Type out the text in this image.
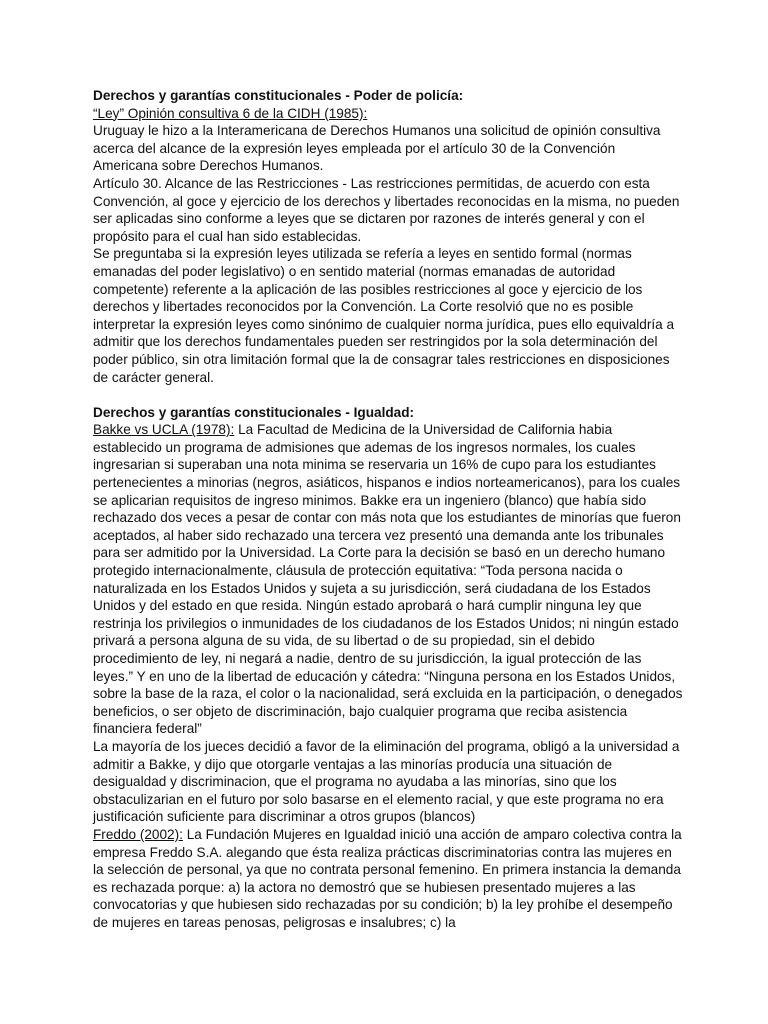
Derechos y garantías constitucionales - Poder de policía:

“Ley” Opinión consultiva 6 de la CIDH (1985):

Uruguay le hizo a la Interamericana de Derechos Humanos una solicitud de opinión consultiva acerca del alcance de la expresión leyes empleada por el artículo 30 de la Convención Americana sobre Derechos Humanos.

Artículo 30. Alcance de las Restricciones - Las restricciones permitidas, de acuerdo con esta Convención, al goce y ejercicio de los derechos y libertades reconocidas en la misma, no pueden ser aplicadas sino conforme a leyes que se dictaren por razones de interés general y con el propósito para el cual han sido establecidas.

Se preguntaba si la expresión leyes utilizada se refería a leyes en sentido formal (normas emanadas del poder legislativo) o en sentido material (normas emanadas de autoridad competente) referente a la aplicación de las posibles restricciones al goce y ejercicio de los derechos y libertades reconocidos por la Convención. La Corte resolvió que no es posible interpretar la expresión leyes como sinónimo de cualquier norma jurídica, pues ello equivaldría a admitir que los derechos fundamentales pueden ser restringidos por la sola determinación del poder público, sin otra limitación formal que la de consagrar tales restricciones en disposiciones de carácter general.

Derechos y garantías constitucionales - Igualdad:

Bakke vs UCLA (1978): La Facultad de Medicina de la Universidad de California habia establecido un programa de admisiones que ademas de los ingresos normales, los cuales ingresarian si superaban una nota minima se reservaria un 16% de cupo para los estudiantes pertenecientes a minorias (negros, asiáticos, hispanos e indios norteamericanos), para los cuales se aplicarian requisitos de ingreso minimos. Bakke era un ingeniero (blanco) que había sido rechazado dos veces a pesar de contar con más nota que los estudiantes de minorías que fueron aceptados, al haber sido rechazado una tercera vez presentó una demanda ante los tribunales para ser admitido por la Universidad. La Corte para la decisión se basó en un derecho humano protegido internacionalmente, cláusula de protección equitativa: “Toda persona nacida o naturalizada en los Estados Unidos y sujeta a su jurisdicción, será ciudadana de los Estados Unidos y del estado en que resida. Ningún estado aprobará o hará cumplir ninguna ley que restrinja los privilegios o inmunidades de los ciudadanos de los Estados Unidos; ni ningún estado privará a persona alguna de su vida, de su libertad o de su propiedad, sin el debido procedimiento de ley, ni negará a nadie, dentro de su jurisdicción, la igual protección de las leyes.” Y en uno de la libertad de educación y cátedra: “Ninguna persona en los Estados Unidos, sobre la base de la raza, el color o la nacionalidad, será excluida en la participación, o denegados beneficios, o ser objeto de discriminación, bajo cualquier programa que reciba asistencia financiera federal”

La mayoría de los jueces decidió a favor de la eliminación del programa, obligó a la universidad a admitir a Bakke, y dijo que otorgarle ventajas a las minorías producía una situación de desigualdad y discriminacion, que el programa no ayudaba a las minorías, sino que los obstaculizarian en el futuro por solo basarse en el elemento racial, y que este programa no era justificación suficiente para discriminar a otros grupos (blancos)

Freddo (2002): La Fundación Mujeres en Igualdad inició una acción de amparo colectiva contra la empresa Freddo S.A. alegando que ésta realiza prácticas discriminatorias contra las mujeres en la selección de personal, ya que no contrata personal femenino. En primera instancia la demanda es rechazada porque: a) la actora no demostró que se hubiesen presentado mujeres a las convocatorias y que hubiesen sido rechazadas por su condición; b) la ley prohíbe el desempeño de mujeres en tareas penosas, peligrosas e insalubres; c) la
